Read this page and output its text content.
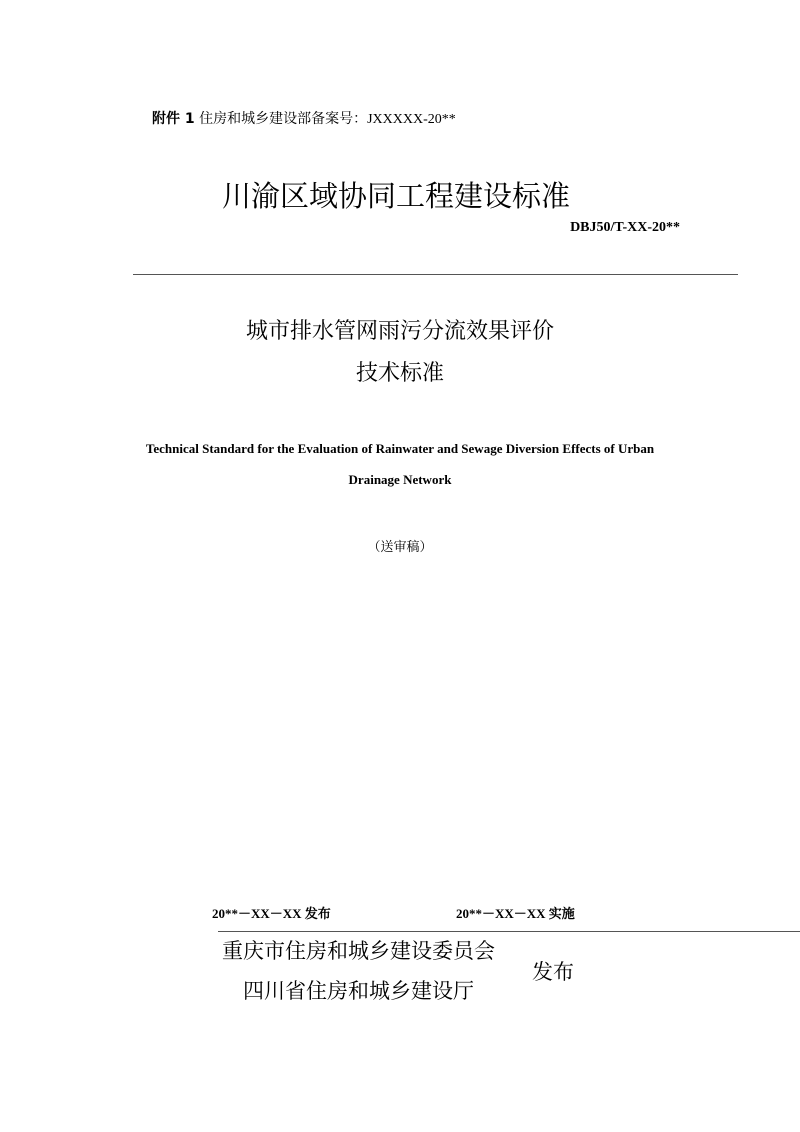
附件 1 住房和城乡建设部备案号：JXXXXX-20**
川渝区域协同工程建设标准
DBJ50/T-XX-20**
城市排水管网雨污分流效果评价
技术标准
Technical Standard for the Evaluation of Rainwater and Sewage Diversion Effects of Urban
Drainage Network
（送审稿）
20**－XX－XX 发布	20**－XX－XX 实施
重庆市住房和城乡建设委员会
四川省住房和城乡建设厅
发布
